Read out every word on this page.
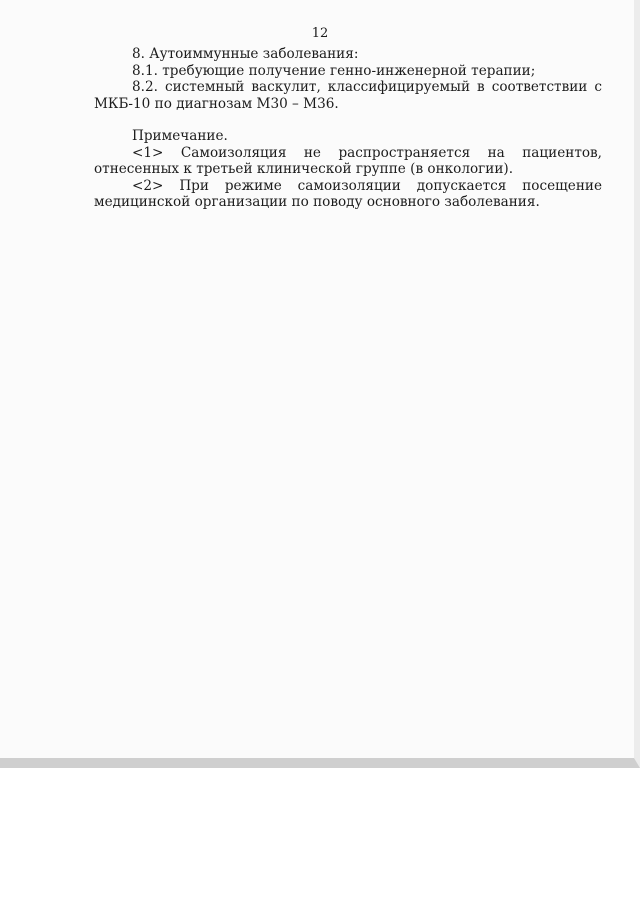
12

8. Аутоиммунные заболевания:

8.1. требующие получение генно-инженерной терапии;

8.2. системный васкулит, классифицируемый в соответствии с МКБ-10 по диагнозам М30 – М36.

Примечание.

<1> Самоизоляция не распространяется на пациентов, отнесенных к третьей клинической группе (в онкологии).

<2> При режиме самоизоляции допускается посещение медицинской организации по поводу основного заболевания.
